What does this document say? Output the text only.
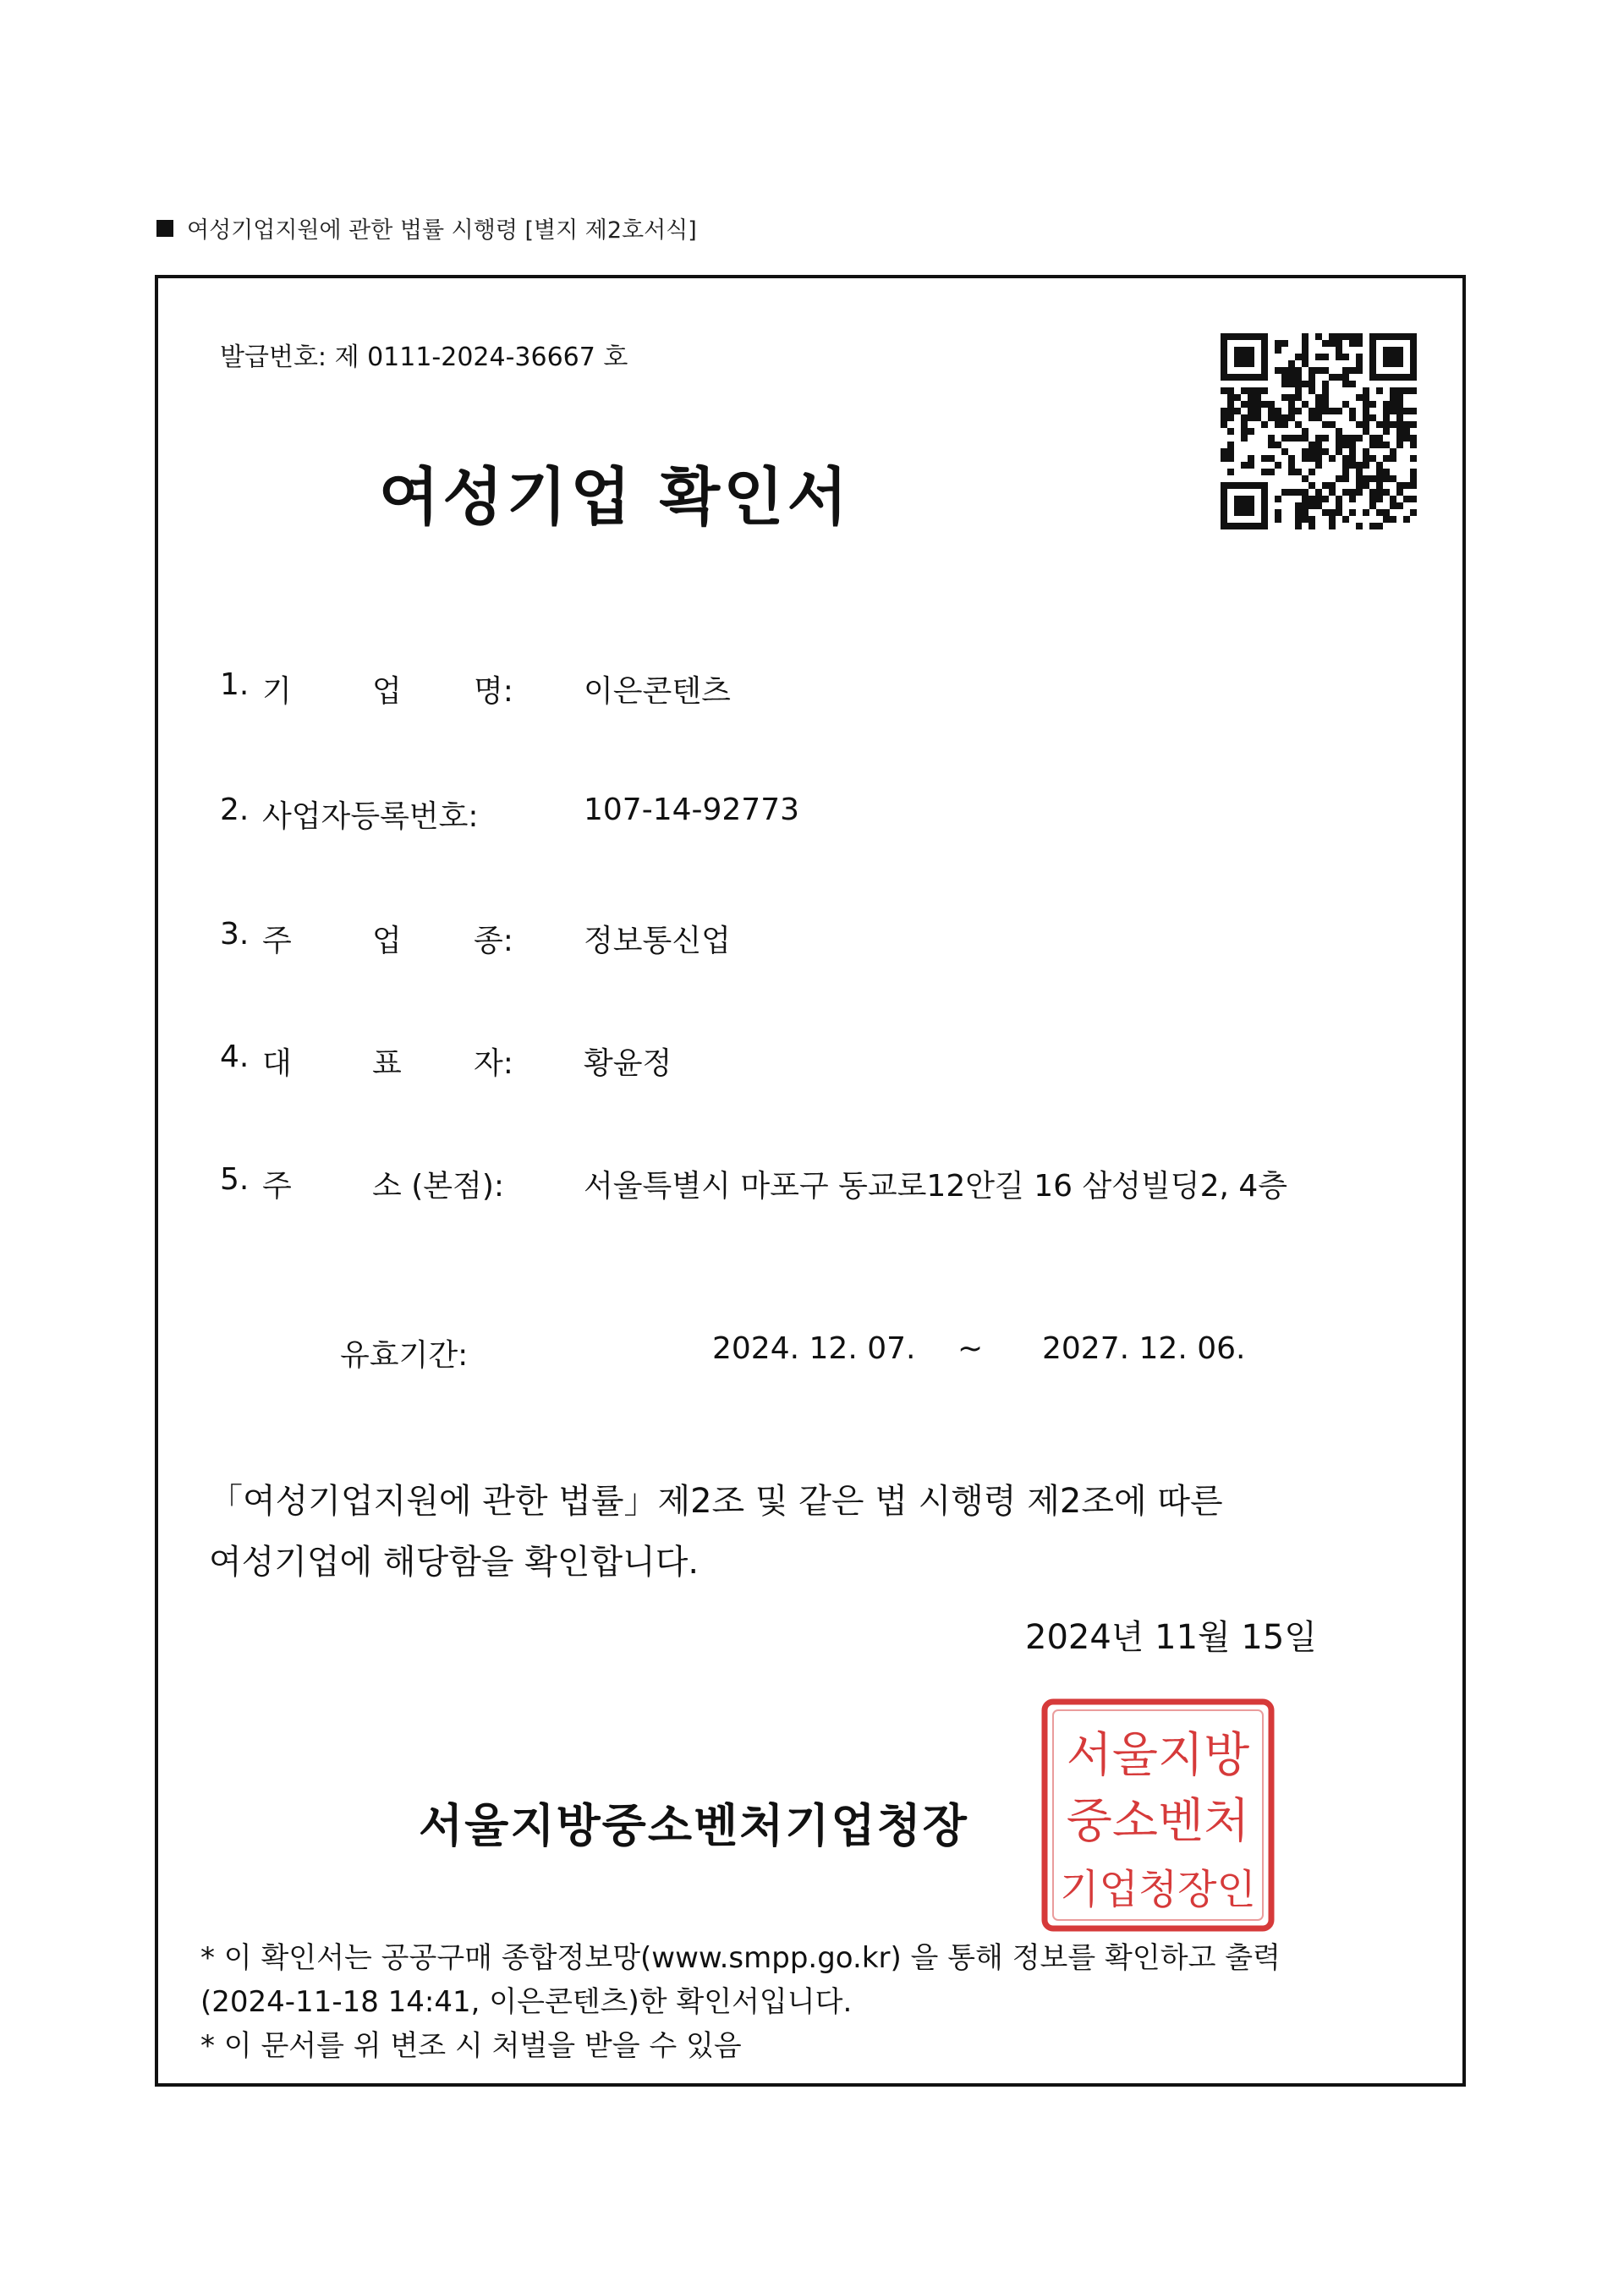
여성기업지원에 관한 법률 시행령 [별지 제2호서식]
발급번호: 제 0111-2024-36667 호
여성기업 확인서
1. 기	업	명: 이은콘텐츠
2. 사업자등록번호:	107-14-92773
3. 주	업	종: 정보통신업
4. 대	표	자: 황윤정
5. 주	소 (본점):	서울특별시 마포구 동교로12안길 16 삼성빌딩2, 4층
유효기간:	2024. 12. 07. ~ 2027. 12. 06.
「여성기업지원에 관한 법률」제2조 및 같은 법 시행령 제2조에 따른
여성기업에 해당함을 확인합니다.
2024년 11월 15일
서울지방중소벤처기업청장
서울지방
중소벤처
기업청장인
* 이 확인서는 공공구매 종합정보망(www.smpp.go.kr) 을 통해 정보를 확인하고 출력
(2024-11-18 14:41, 이은콘텐츠)한 확인서입니다.
* 이 문서를 위 변조 시 처벌을 받을 수 있음
